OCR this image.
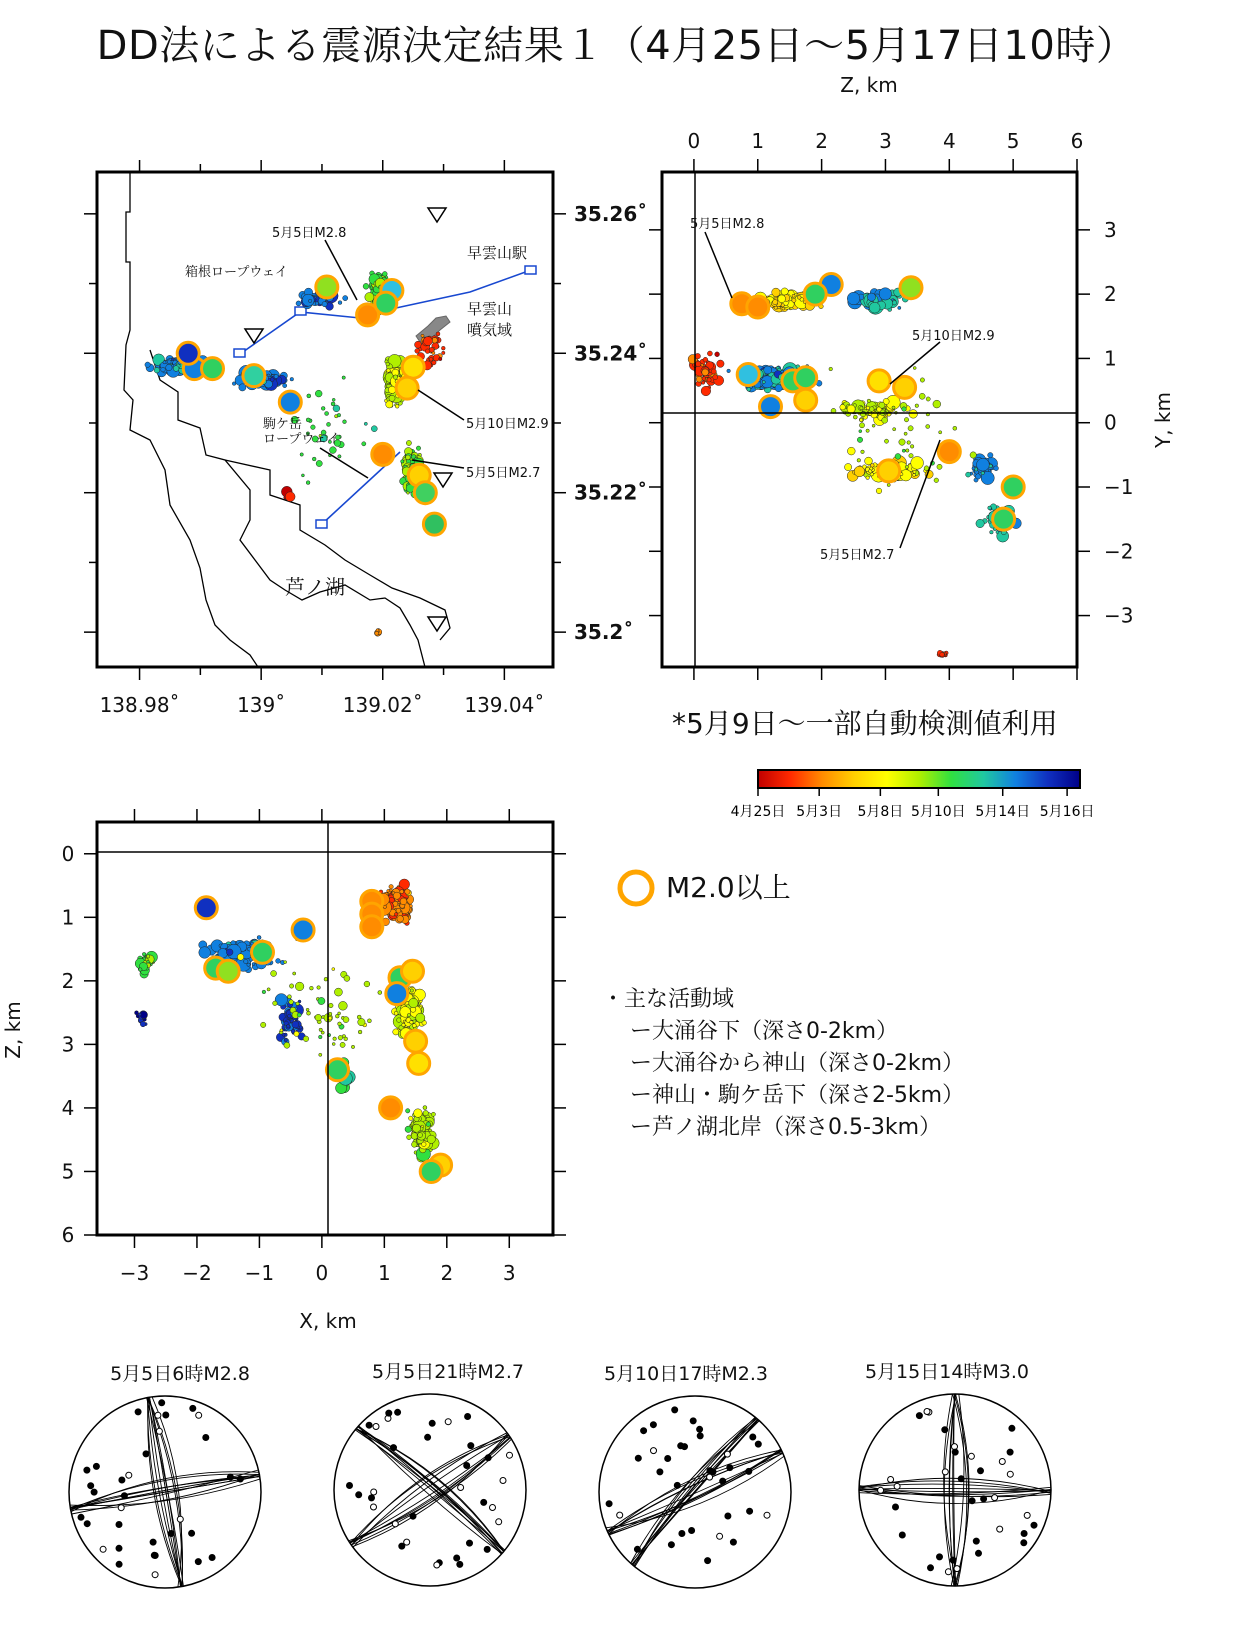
DD法による震源決定結果１（4月25日〜5月17日10時）
138.98˚	139˚	139.02˚ 139.04˚
35.26˚
35.24˚
35.22˚
35.2˚
箱根ロープウェイ
早雲山駅
早雲山
噴気域
駒ケ岳
ロープウェイ
芦ノ湖
5月5日M2.8
5月10日M2.9
5月5日M2.7
0	1	2	3	4	5	6
3
2
1
0
−1
−2
−3
Z, km
Y, km
5月5日M2.8
5月10日M2.9
5月5日M2.7
−3 −2 −1 0 1 2 3
0
1
2
3
4
5
6
X, km
Z, km
4月25日 5月3日 5月8日 5月10日 5月14日 5月16日
*5月9日〜一部自動検測値利用
M2.0以上
・主な活動域
ー大涌谷下（深さ0-2km）
ー大涌谷から神山（深さ0-2km）
ー神山・駒ケ岳下（深さ2-5km）
ー芦ノ湖北岸（深さ0.5-3km）
5月5日6時M2.8	5月5日21時M2.7	5月10日17時M2.3	5月15日14時M3.0
